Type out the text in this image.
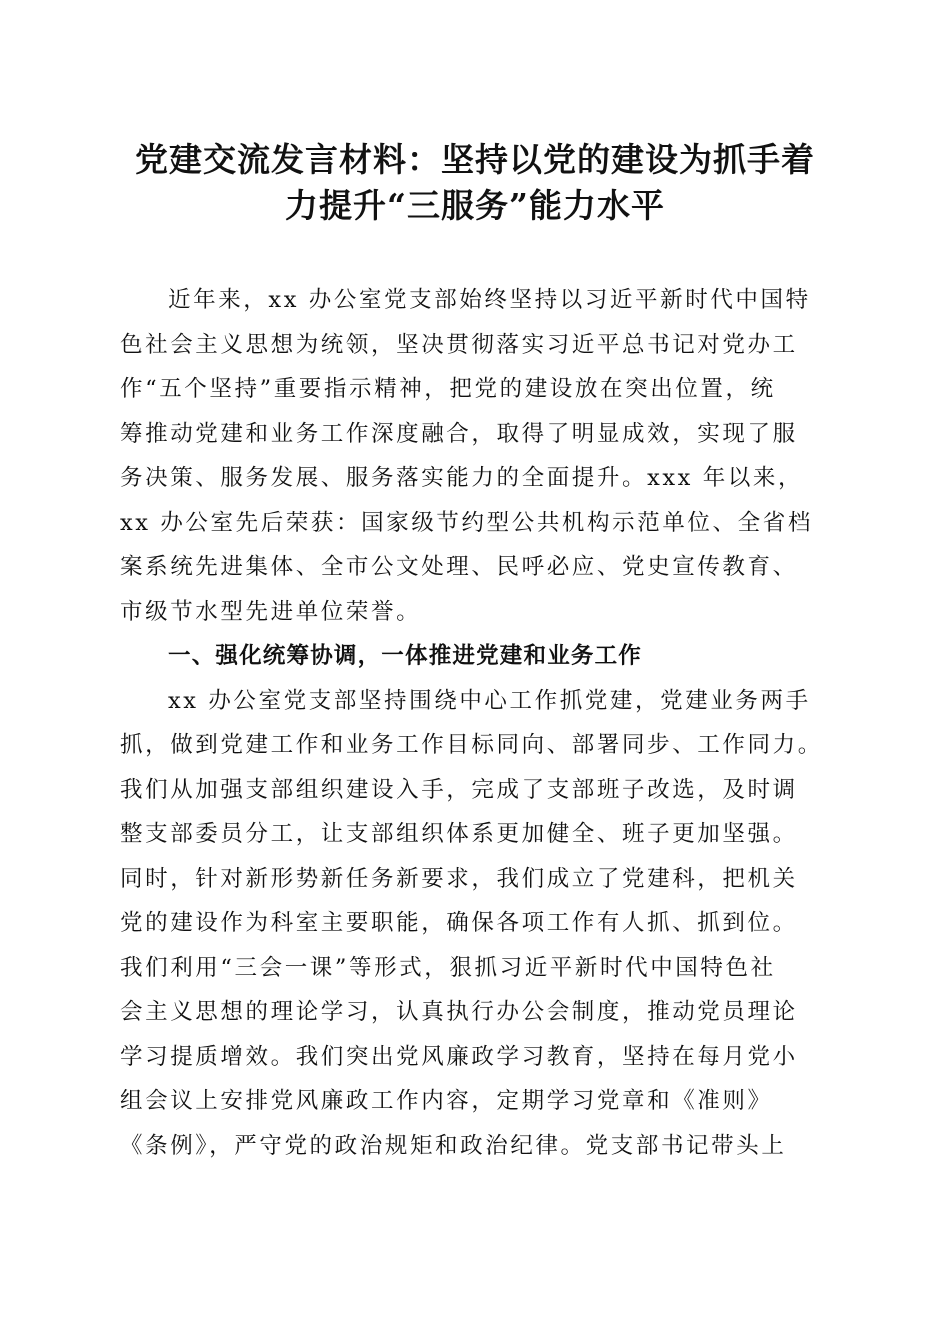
党建交流发言材料：坚持以党的建设为抓手着
力提升“三服务”能力水平
近年来，xx 办公室党支部始终坚持以习近平新时代中国特
色社会主义思想为统领，坚决贯彻落实习近平总书记对党办工
作“五个坚持”重要指示精神，把党的建设放在突出位置，统
筹推动党建和业务工作深度融合，取得了明显成效，实现了服
务决策、服务发展、服务落实能力的全面提升。xxx 年以来，
xx 办公室先后荣获：国家级节约型公共机构示范单位、全省档
案系统先进集体、全市公文处理、民呼必应、党史宣传教育、
市级节水型先进单位荣誉。
一、强化统筹协调，一体推进党建和业务工作
xx 办公室党支部坚持围绕中心工作抓党建，党建业务两手
抓，做到党建工作和业务工作目标同向、部署同步、工作同力。
我们从加强支部组织建设入手，完成了支部班子改选，及时调
整支部委员分工，让支部组织体系更加健全、班子更加坚强。
同时，针对新形势新任务新要求，我们成立了党建科，把机关
党的建设作为科室主要职能，确保各项工作有人抓、抓到位。
我们利用“三会一课”等形式，狠抓习近平新时代中国特色社
会主义思想的理论学习，认真执行办公会制度，推动党员理论
学习提质增效。我们突出党风廉政学习教育，坚持在每月党小
组会议上安排党风廉政工作内容，定期学习党章和《准则》
《条例》，严守党的政治规矩和政治纪律。党支部书记带头上
